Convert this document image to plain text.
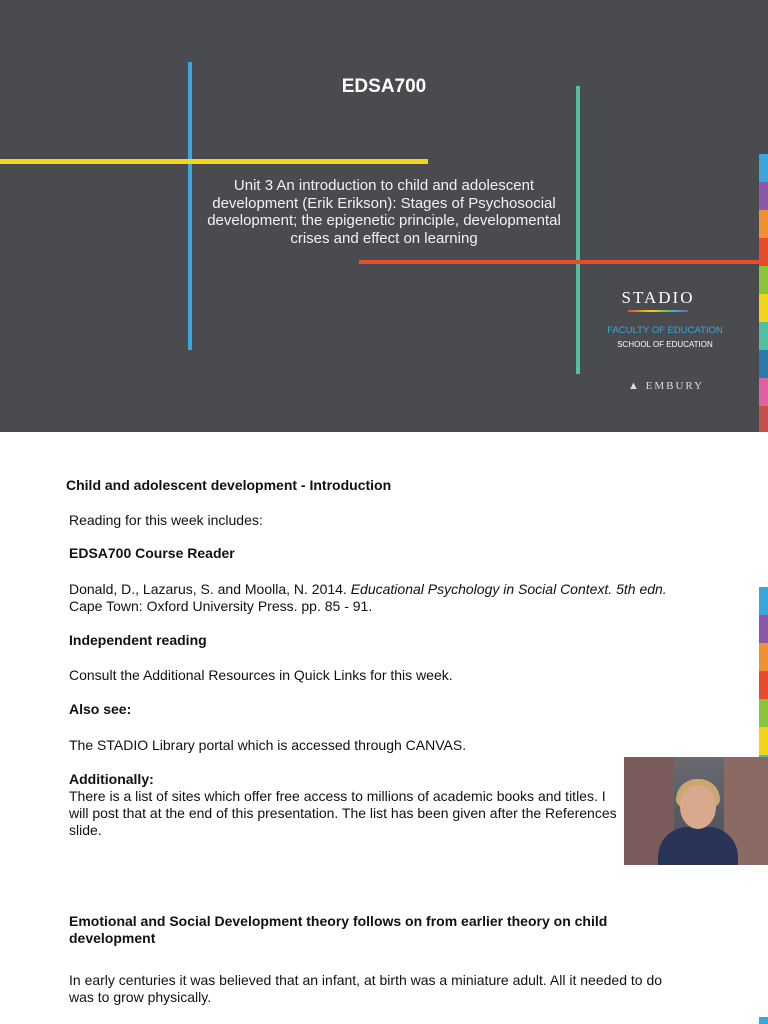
EDSA700
Unit 3 An introduction to child and adolescent development (Erik Erikson): Stages of Psychosocial development; the epigenetic principle, developmental crises and effect on learning
STADIO
FACULTY OF EDUCATION
SCHOOL OF EDUCATION
▲ EMBURY

Child and adolescent development - Introduction

Reading for this week includes:

EDSA700 Course Reader

Donald, D., Lazarus, S. and Moolla, N. 2014. Educational Psychology in Social Context. 5th edn. Cape Town: Oxford University Press. pp. 85 - 91.

Independent reading

Consult the Additional Resources in Quick Links for this week.

Also see:

The STADIO Library portal which is accessed through CANVAS.

Additionally:

There is a list of sites which offer free access to millions of academic books and titles. I will post that at the end of this presentation. The list has been given after the References slide.

Emotional and Social Development theory follows on from earlier theory on child development

In early centuries it was believed that an infant, at birth was a miniature adult. All it needed to do was to grow physically.
